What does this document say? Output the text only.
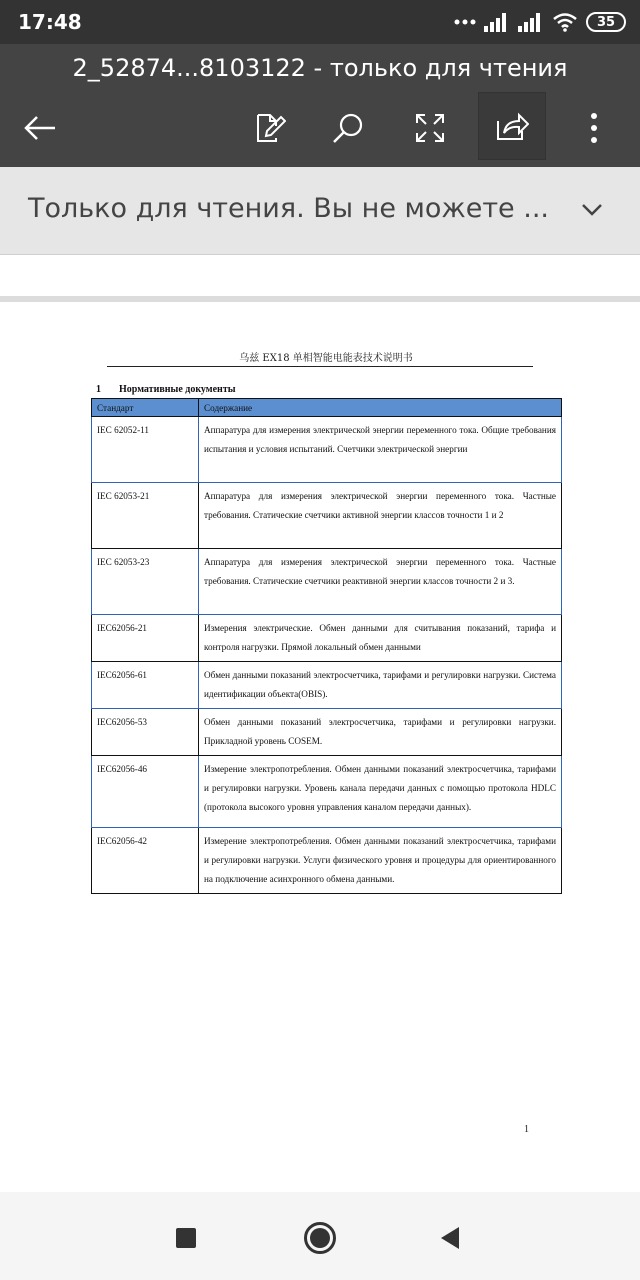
17:48	35
2_52874...8103122 - только для чтения
Только для чтения. Вы не можете ...
乌兹 EX18 单相智能电能表技术说明书
1 Нормативные документы
Стандарт	Содержание
IEC 62052-11	Аппаратура для измерения электрической энергии переменного тока. Общие требования испытания и условия испытаний. Счетчики электрической энергии
IEC 62053-21	Аппаратура для измерения электрической энергии переменного тока. Частные требования. Статические счетчики активной энергии классов точности 1 и 2
IEC 62053-23	Аппаратура для измерения электрической энергии переменного тока. Частные требования. Статические счетчики реактивной энергии классов точности 2 и 3.
IEC62056-21	Измерения электрические. Обмен данными для считывания показаний, тарифа и контроля нагрузки. Прямой локальный обмен данными
IEC62056-61	Обмен данными показаний электросчетчика, тарифами и регулировки нагрузки. Система идентификации объекта(OBIS).
IEC62056-53	Обмен данными показаний электросчетчика, тарифами и регулировки нагрузки. Прикладной уровень COSEM.
IEC62056-46	Измерение электропотребления. Обмен данными показаний электросчетчика, тарифами и регулировки нагрузки. Уровень канала передачи данных с помощью протокола HDLC (протокола высокого уровня управления каналом передачи данных).
IEC62056-42	Измерение электропотребления. Обмен данными показаний электросчетчика, тарифами и регулировки нагрузки. Услуги физического уровня и процедуры для ориентированного на подключение асинхронного обмена данными.
1
